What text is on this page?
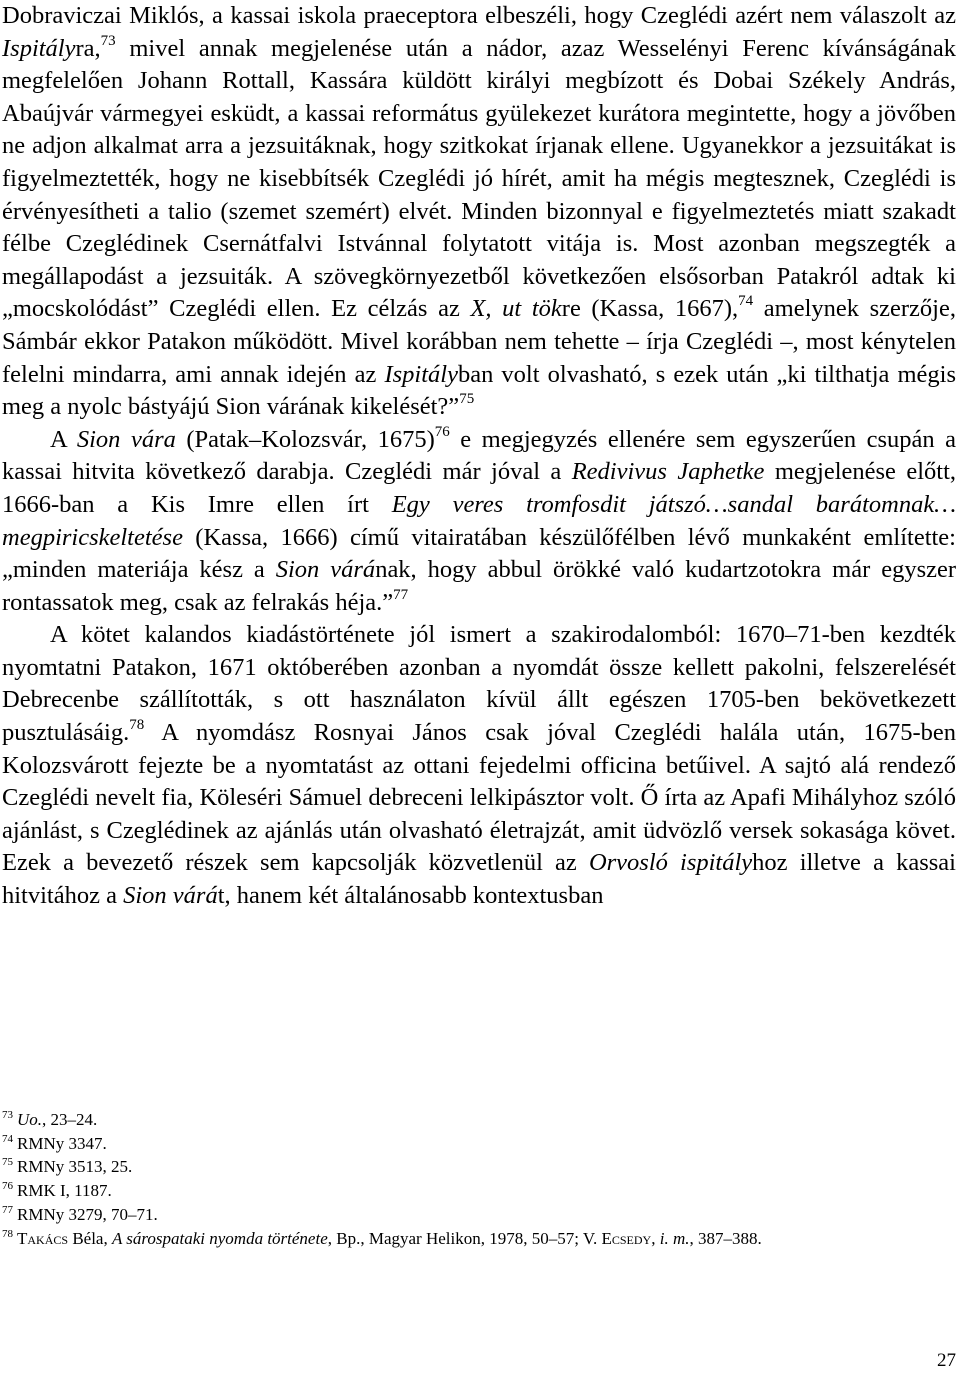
Dobraviczai Miklós, a kassai iskola praeceptora elbeszéli, hogy Czeglédi azért nem válaszolt az Ispitályra,$^{73}$ mivel annak megjelenése után a nádor, azaz Wesselényi Ferenc kívánságának megfelelően Johann Rottall, Kassára küldött királyi megbízott és Dobai Székely András, Abaújvár vármegyei esküdt, a kassai református gyülekezet kurátora megintette, hogy a jövőben ne adjon alkalmat arra a jezsuitáknak, hogy szitkokat írjanak ellene. Ugyanekkor a jezsuitákat is figyelmeztették, hogy ne kisebbítsék Czeglédi jó hírét, amit ha mégis megtesznek, Czeglédi is érvényesítheti a talio (szemet szemért) elvét. Minden bizonnyal e figyelmeztetés miatt szakadt félbe Czeglédinek Csernátfalvi Istvánnal folytatott vitája is. Most azonban megszegték a megállapodást a jezsuiták. A szövegkörnyezetből következően elsősorban Patakról adtak ki „mocskolódást” Czeglédi ellen. Ez célzás az X, ut tökre (Kassa, 1667),$^{74}$ amelynek szerzője, Sámbár ekkor Patakon működött. Mivel korábban nem tehette – írja Czeglédi –, most kénytelen felelni mindarra, ami annak idején az Ispitályban volt olvasható, s ezek után „ki tilthatja mégis meg a nyolc bástyájú Sion várának kikelését?”$^{75}$

A Sion vára (Patak–Kolozsvár, 1675)$^{76}$ e megjegyzés ellenére sem egyszerűen csupán a kassai hitvita következő darabja. Czeglédi már jóval a Redivivus Japhetke megjelenése előtt, 1666-ban a Kis Imre ellen írt Egy veres tromfosdit játszó…sandal barátomnak…megpiricskeltetése (Kassa, 1666) című vitairatában készülőfélben lévő munkaként említette: „minden materiája kész a Sion várának, hogy abbul örökké való kudartzotokra már egyszer rontassatok meg, csak az felrakás héja.”$^{77}$

A kötet kalandos kiadástörténete jól ismert a szakirodalomból: 1670–71-ben kezdték nyomtatni Patakon, 1671 októberében azonban a nyomdát össze kellett pakolni, felszerelését Debrecenbe szállították, s ott használaton kívül állt egészen 1705-ben bekövetkezett pusztulásáig.$^{78}$ A nyomdász Rosnyai János csak jóval Czeglédi halála után, 1675-ben Kolozsvárott fejezte be a nyomtatást az ottani fejedelmi officina betűivel. A sajtó alá rendező Czeglédi nevelt fia, Köleséri Sámuel debreceni lelkipásztor volt. Ő írta az Apafi Mihályhoz szóló ajánlást, s Czeglédinek az ajánlás után olvasható életrajzát, amit üdvözlő versek sokasága követ. Ezek a bevezető részek sem kapcsolják közvetlenül az Orvosló ispitályhoz illetve a kassai hitvitához a Sion várát, hanem két általánosabb kontextusban

$^{73}$ Uo., 23–24.

$^{74}$ RMNy 3347.

$^{75}$ RMNy 3513, 25.

$^{76}$ RMK I, 1187.

$^{77}$ RMNy 3279, 70–71.

$^{78}$ Takács Béla, A sárospataki nyomda története, Bp., Magyar Helikon, 1978, 50–57; V. Ecsedy, i. m., 387–388.

27
